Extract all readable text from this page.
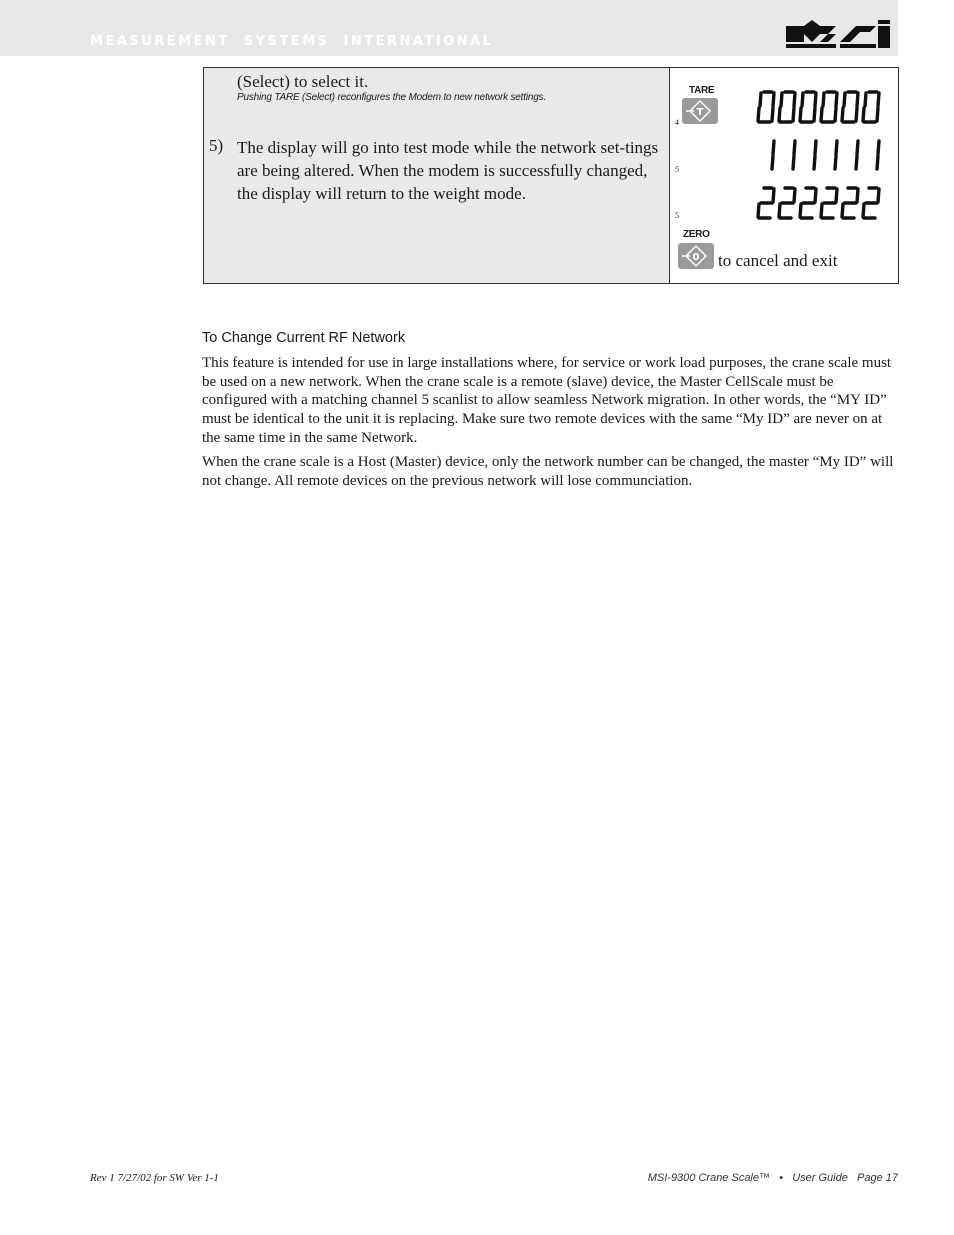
MEASUREMENT  SYSTEMS  INTERNATIONAL
(Select) to select it.
Pushing TARE (Select) reconfigures the Modem to new network settings.
5) The display will go into test mode while the network set-tings are being altered. When the modem is successfully changed, the display will return to the weight mode.
TARE
T
4
5
5
ZERO
0 to cancel and exit
To Change Current RF Network
This feature is intended for use in large installations where, for service or work load purposes, the crane scale must be used on a new network. When the crane scale is a remote (slave) device, the Master CellScale must be configured with a matching channel 5 scanlist to allow seamless Network migration. In other words, the “MY ID” must be identical to the unit it is replacing. Make sure two remote devices with the same “My ID” are never on at the same time in the same Network.
When the crane scale is a Host (Master) device, only the network number can be changed, the master “My ID” will not change. All remote devices on the previous network will lose communciation.
Rev 1 7/27/02 for SW Ver 1-1	MSI-9300 Crane Scale™ • User Guide Page 17
